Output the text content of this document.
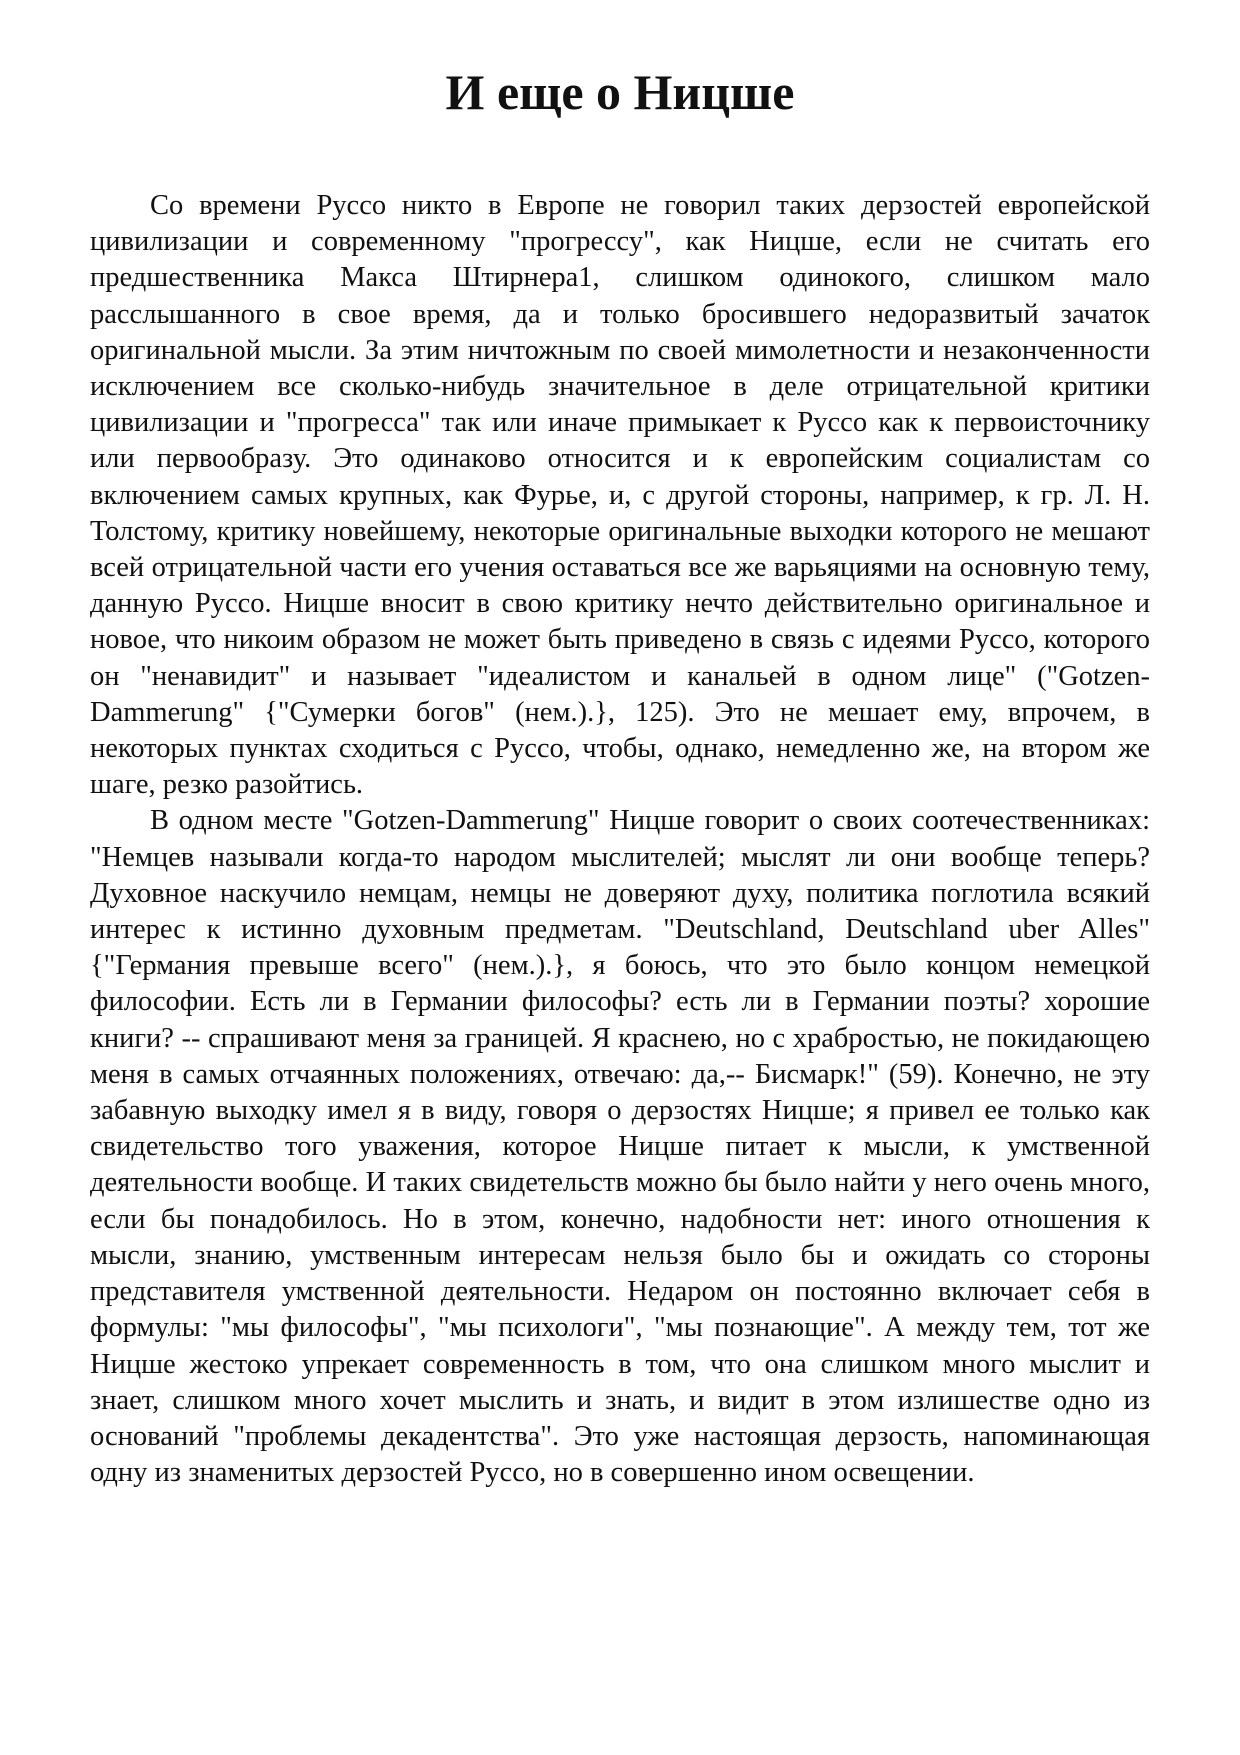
И еще о Ницше

Со времени Руссо никто в Европе не говорил таких дерзостей европейской цивилизации и современному "прогрессу", как Ницше, если не считать его предшественника Макса Штирнера1, слишком одинокого, слишком мало расслышанного в свое время, да и только бросившего недоразвитый зачаток оригинальной мысли. За этим ничтожным по своей мимолетности и незаконченности исключением все сколько-нибудь значительное в деле отрицательной критики цивилизации и "прогресса" так или иначе примыкает к Руссо как к первоисточнику или первообразу. Это одинаково относится и к европейским социалистам со включением самых крупных, как Фурье, и, с другой стороны, например, к гр. Л. Н. Толстому, критику новейшему, некоторые оригинальные выходки которого не мешают всей отрицательной части его учения оставаться все же варьяциями на основную тему, данную Руссо. Ницше вносит в свою критику нечто действительно оригинальное и новое, что никоим образом не может быть приведено в связь с идеями Руссо, которого он "ненавидит" и называет "идеалистом и канальей в одном лице" ("Gotzen-Dammerung" {"Сумерки богов" (нем.).}, 125). Это не мешает ему, впрочем, в некоторых пунктах сходиться с Руссо, чтобы, однако, немедленно же, на втором же шаге, резко разойтись.

В одном месте "Gotzen-Dammerung" Ницше говорит о своих соотечественниках: "Немцев называли когда-то народом мыслителей; мыслят ли они вообще теперь? Духовное наскучило немцам, немцы не доверяют духу, политика поглотила всякий интерес к истинно духовным предметам. "Deutschland, Deutschland uber Alles" {"Германия превыше всего" (нем.).}, я боюсь, что это было концом немецкой философии. Есть ли в Германии философы? есть ли в Германии поэты? хорошие книги? -- спрашивают меня за границей. Я краснею, но с храбростью, не покидающею меня в самых отчаянных положениях, отвечаю: да,-- Бисмарк!" (59). Конечно, не эту забавную выходку имел я в виду, говоря о дерзостях Ницше; я привел ее только как свидетельство того уважения, которое Ницше питает к мысли, к умственной деятельности вообще. И таких свидетельств можно бы было найти у него очень много, если бы понадобилось. Но в этом, конечно, надобности нет: иного отношения к мысли, знанию, умственным интересам нельзя было бы и ожидать со стороны представителя умственной деятельности. Недаром он постоянно включает себя в формулы: "мы философы", "мы психологи", "мы познающие". А между тем, тот же Ницше жестоко упрекает современность в том, что она слишком много мыслит и знает, слишком много хочет мыслить и знать, и видит в этом излишестве одно из оснований "проблемы декадентства". Это уже настоящая дерзость, напоминающая одну из знаменитых дерзостей Руссо, но в совершенно ином освещении.
